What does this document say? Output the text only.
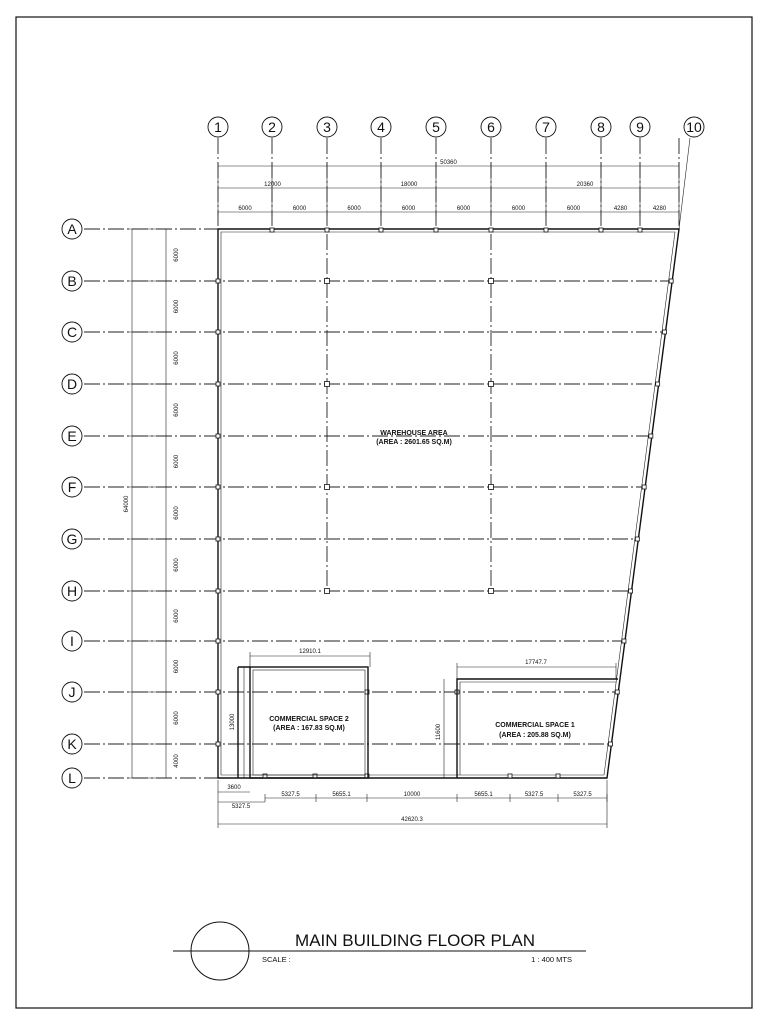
A
B
C
D
E
F
G
H
I
J
K
L
1	2	3	4	5	6	7	8 9	10
50360
12000	18000	20360
6000	6000	6000	6000	6000	6000	6000	4280	4280
64000
6000
6000
6000
6000
6000
6000
6000
6000
6000
6000
4000
12910.1
13000	COMMERCIAL SPACE 2
(AREA : 167.83 SQ.M)
17747.7
11600	COMMERCIAL SPACE 1
(AREA : 205.88 SQ.M)
WAREHOUSE AREA
(AREA : 2601.65 SQ.M)
3600
5327.5
5327.5	5655.1	10000	5655.1	5327.5	5327.5
42620.3
MAIN BUILDING FLOOR PLAN
SCALE :	1 : 400 MTS
